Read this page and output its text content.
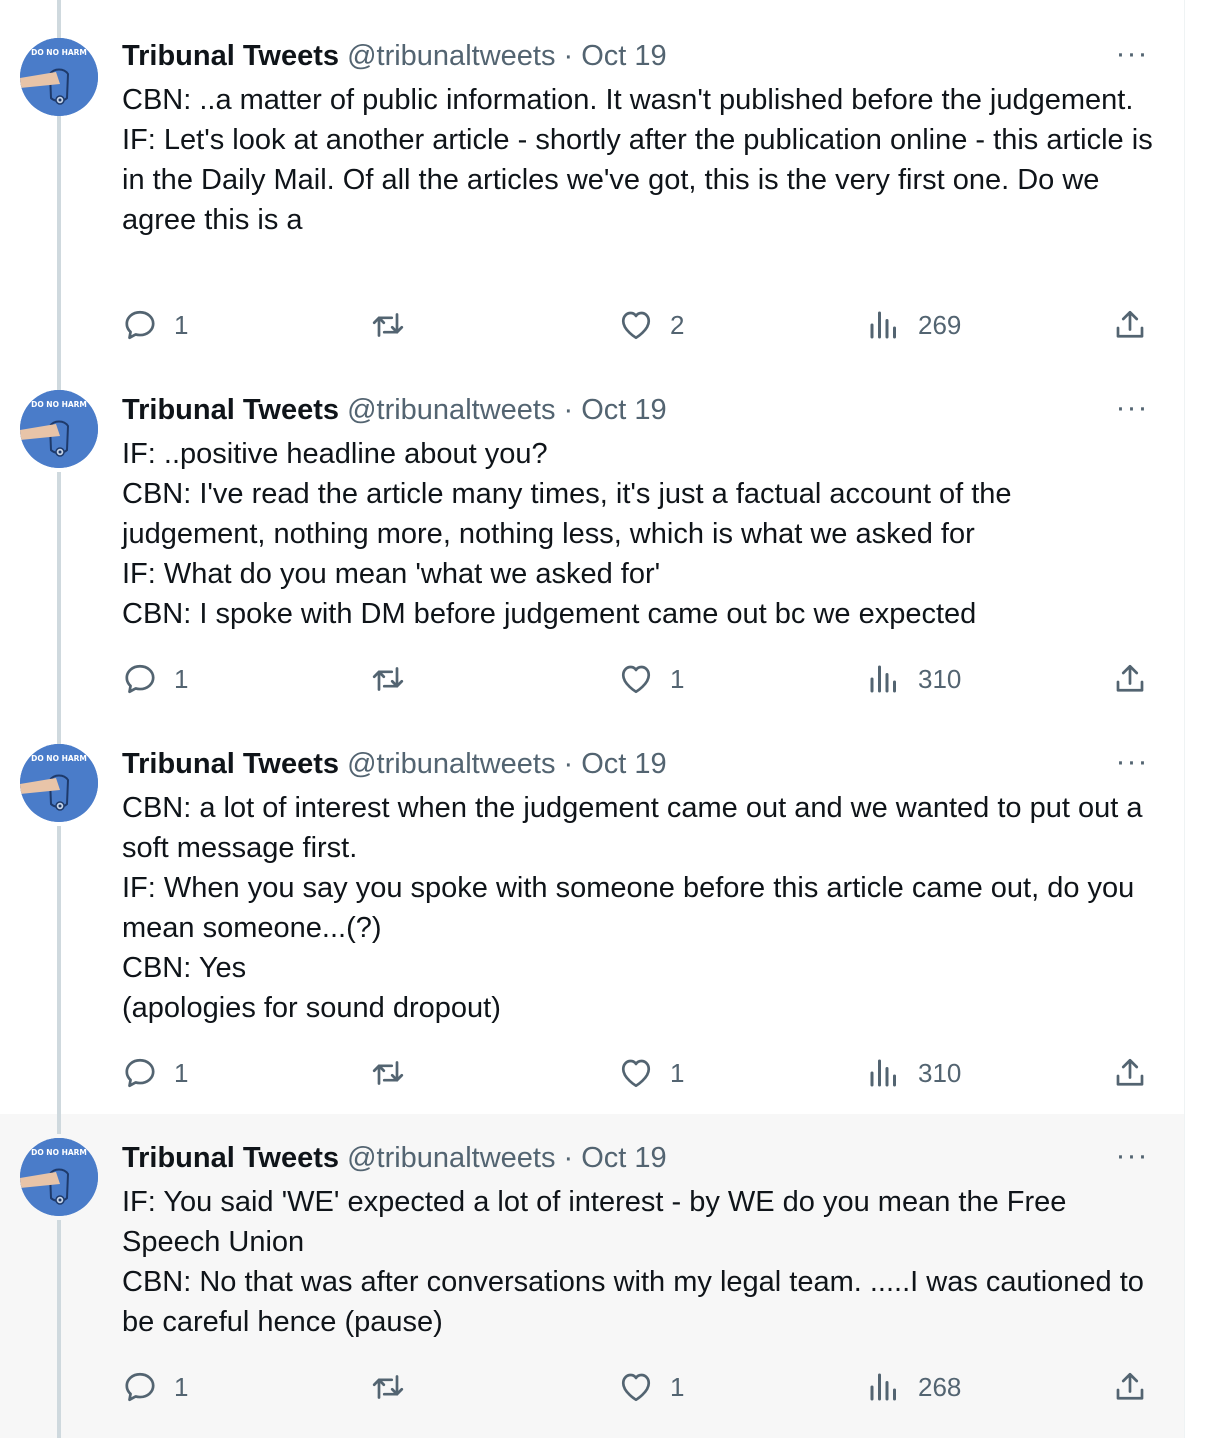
DO NO HARM Tribunal Tweets @tribunaltweets · Oct 19	···
CBN: ..a matter of public information. It wasn't published before the judgement.
IF: Let's look at another article - shortly after the publication online - this article is in the Daily Mail. Of all the articles we've got, this is the very first one. Do we agree this is a
1	2	269
DO NO HARM Tribunal Tweets @tribunaltweets · Oct 19	···
IF: ..positive headline about you?
CBN: I've read the article many times, it's just a factual account of the judgement, nothing more, nothing less, which is what we asked for
IF: What do you mean 'what we asked for'
CBN: I spoke with DM before judgement came out bc we expected
1	1	310
DO NO HARM Tribunal Tweets @tribunaltweets · Oct 19	···
CBN: a lot of interest when the judgement came out and we wanted to put out a soft message first.
IF: When you say you spoke with someone before this article came out, do you mean someone...(?)
CBN: Yes
(apologies for sound dropout)
1	1	310
DO NO HARM Tribunal Tweets @tribunaltweets · Oct 19	···
IF: You said 'WE' expected a lot of interest - by WE do you mean the Free Speech Union
CBN: No that was after conversations with my legal team. .....I was cautioned to be careful hence (pause)
1	1	268
